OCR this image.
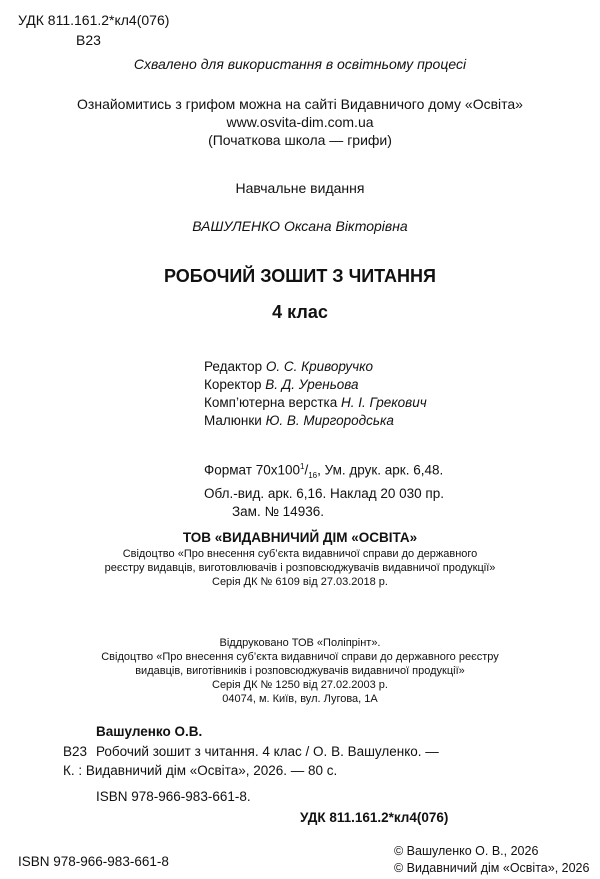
УДК 811.161.2*кл4(076)
В23
Схвалено для використання в освітньому процесі
Ознайомитись з грифом можна на сайті Видавничого дому «Освіта»
www.osvita-dim.com.ua
(Початкова школа — грифи)
Навчальне видання
ВАШУЛЕНКО Оксана Вікторівна
РОБОЧИЙ ЗОШИТ З ЧИТАННЯ
4 клас
Редактор О. С. Криворучко
Коректор В. Д. Уреньова
Комп’ютерна верстка Н. І. Грекович
Малюнки Ю. В. Миргородська
Формат $70х100^1/_{16}$, Ум. друк. арк. 6,48.
Обл.-вид. арк. 6,16. Наклад 20 030 пр.
Зам. № 14936.
ТОВ «ВИДАВНИЧИЙ ДІМ «ОСВІТА»
Свідоцтво «Про внесення суб’єкта видавничої справи до державного
реєстру видавців, виготовлювачів і розповсюджувачів видавничої продукції»
Серія ДК № 6109 від 27.03.2018 р.
Віддруковано ТОВ «Поліпрінт».
Свідоцтво «Про внесення суб’єкта видавничої справи до державного реєстру
видавців, виготівників і розповсюджувачів видавничої продукції»
Серія ДК № 1250 від 27.02.2003 р.
04074, м. Київ, вул. Лугова, 1А
Вашуленко О.В.
В23 Робочий зошит з читання. 4 клас / О. В. Вашуленко. —
К. : Видавничий дім «Освіта», 2026. — 80 с.
ISBN 978-966-983-661-8.
УДК 811.161.2*кл4(076)
ISBN 978-966-983-661-8
© Вашуленко О. В., 2026
© Видавничий дім «Освіта», 2026
